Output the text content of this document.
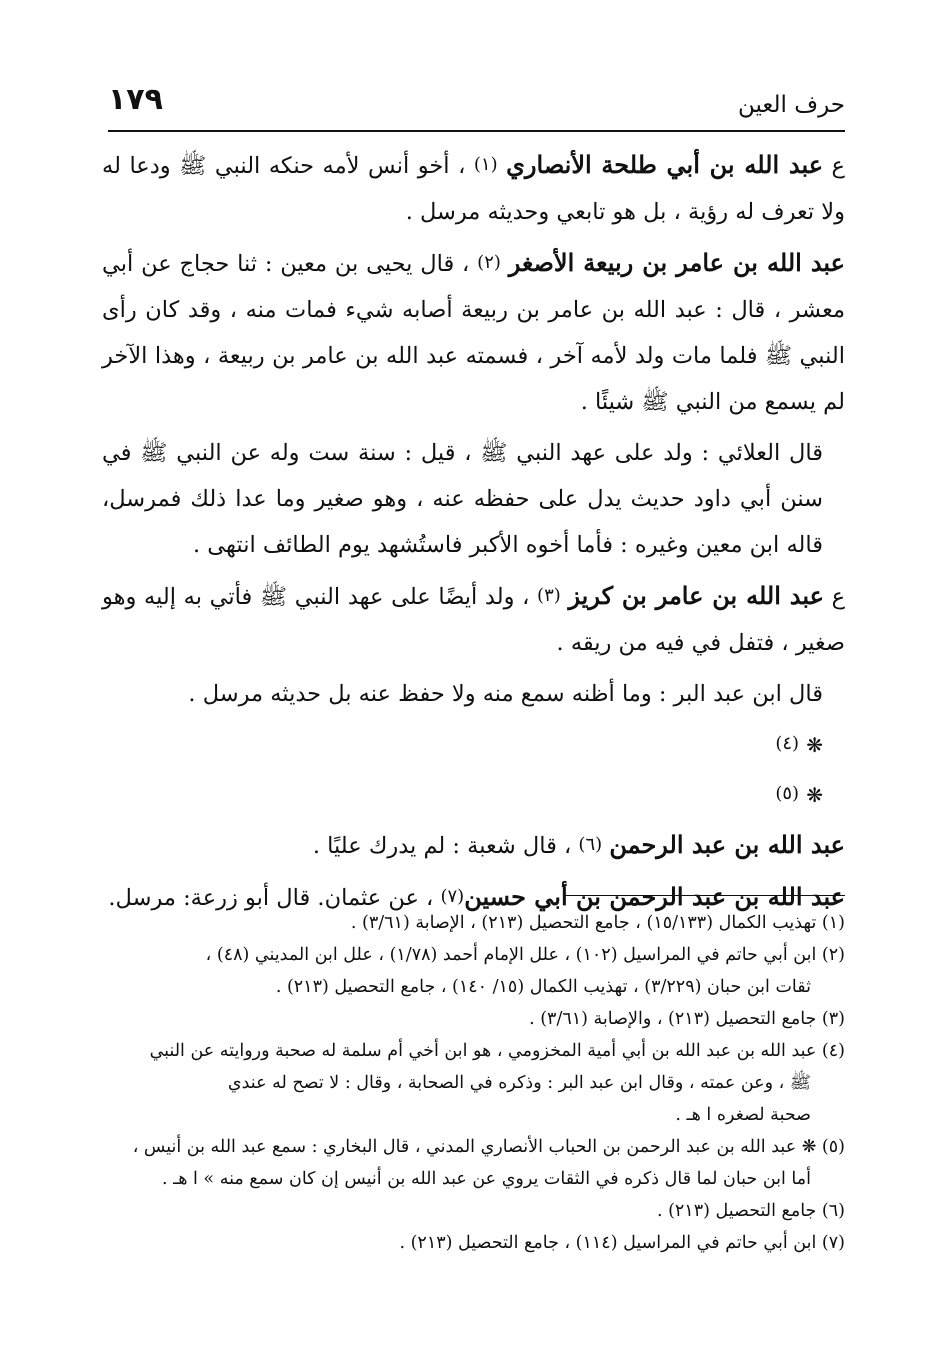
١٧٩	حرف العين

ع عبد الله بن أبي طلحة الأنصاري (١) ، أخو أنس لأمه حنكه النبي ﷺ ودعا له ولا تعرف له رؤية ، بل هو تابعي وحديثه مرسل .

عبد الله بن عامر بن ربيعة الأصغر (٢) ، قال يحيى بن معين : ثنا حجاج عن أبي معشر ، قال : عبد الله بن عامر بن ربيعة أصابه شيء فمات منه ، وقد كان رأى النبي ﷺ فلما مات ولد لأمه آخر ، فسمته عبد الله بن عامر بن ربيعة ، وهذا الآخر لم يسمع من النبي ﷺ شيئًا .

قال العلائي : ولد على عهد النبي ﷺ ، قيل : سنة ست وله عن النبي ﷺ في سنن أبي داود حديث يدل على حفظه عنه ، وهو صغير وما عدا ذلك فمرسل، قاله ابن معين وغيره : فأما أخوه الأكبر فاستُشهد يوم الطائف انتهى .

ع عبد الله بن عامر بن كريز (٣) ، ولد أيضًا على عهد النبي ﷺ فأتي به إليه وهو صغير ، فتفل في فيه من ريقه .

قال ابن عبد البر : وما أظنه سمع منه ولا حفظ عنه بل حديثه مرسل .

❋ (٤)

❋ (٥)

عبد الله بن عبد الرحمن (٦) ، قال شعبة : لم يدرك عليًا .

عبد الله بن عبد الرحمن بن أبي حسين(٧) ، عن عثمان. قال أبو زرعة: مرسل.

(١) تهذيب الكمال (١٥/١٣٣) ، جامع التحصيل (٢١٣) ، الإصابة (٣/٦١) .
(٢) ابن أبي حاتم في المراسيل (١٠٢) ، علل الإمام أحمد (١/٧٨) ، علل ابن المديني (٤٨) ،
ثقات ابن حبان (٣/٢٢٩) ، تهذيب الكمال (١٥/ ١٤٠) ، جامع التحصيل (٢١٣) .
(٣) جامع التحصيل (٢١٣) ، والإصابة (٣/٦١) .
(٤) عبد الله بن عبد الله بن أبي أمية المخزومي ، هو ابن أخي أم سلمة له صحبة وروايته عن النبي
ﷺ ، وعن عمته ، وقال ابن عبد البر : وذكره في الصحابة ، وقال : لا تصح له عندي
صحبة لصغره ا هـ .
(٥) ❋ عبد الله بن عبد الرحمن بن الحباب الأنصاري المدني ، قال البخاري : سمع عبد الله بن أنيس ،
أما ابن حبان لما قال ذكره في الثقات يروي عن عبد الله بن أنيس إن كان سمع منه » ا هـ .
(٦) جامع التحصيل (٢١٣) .
(٧) ابن أبي حاتم في المراسيل (١١٤) ، جامع التحصيل (٢١٣) .
